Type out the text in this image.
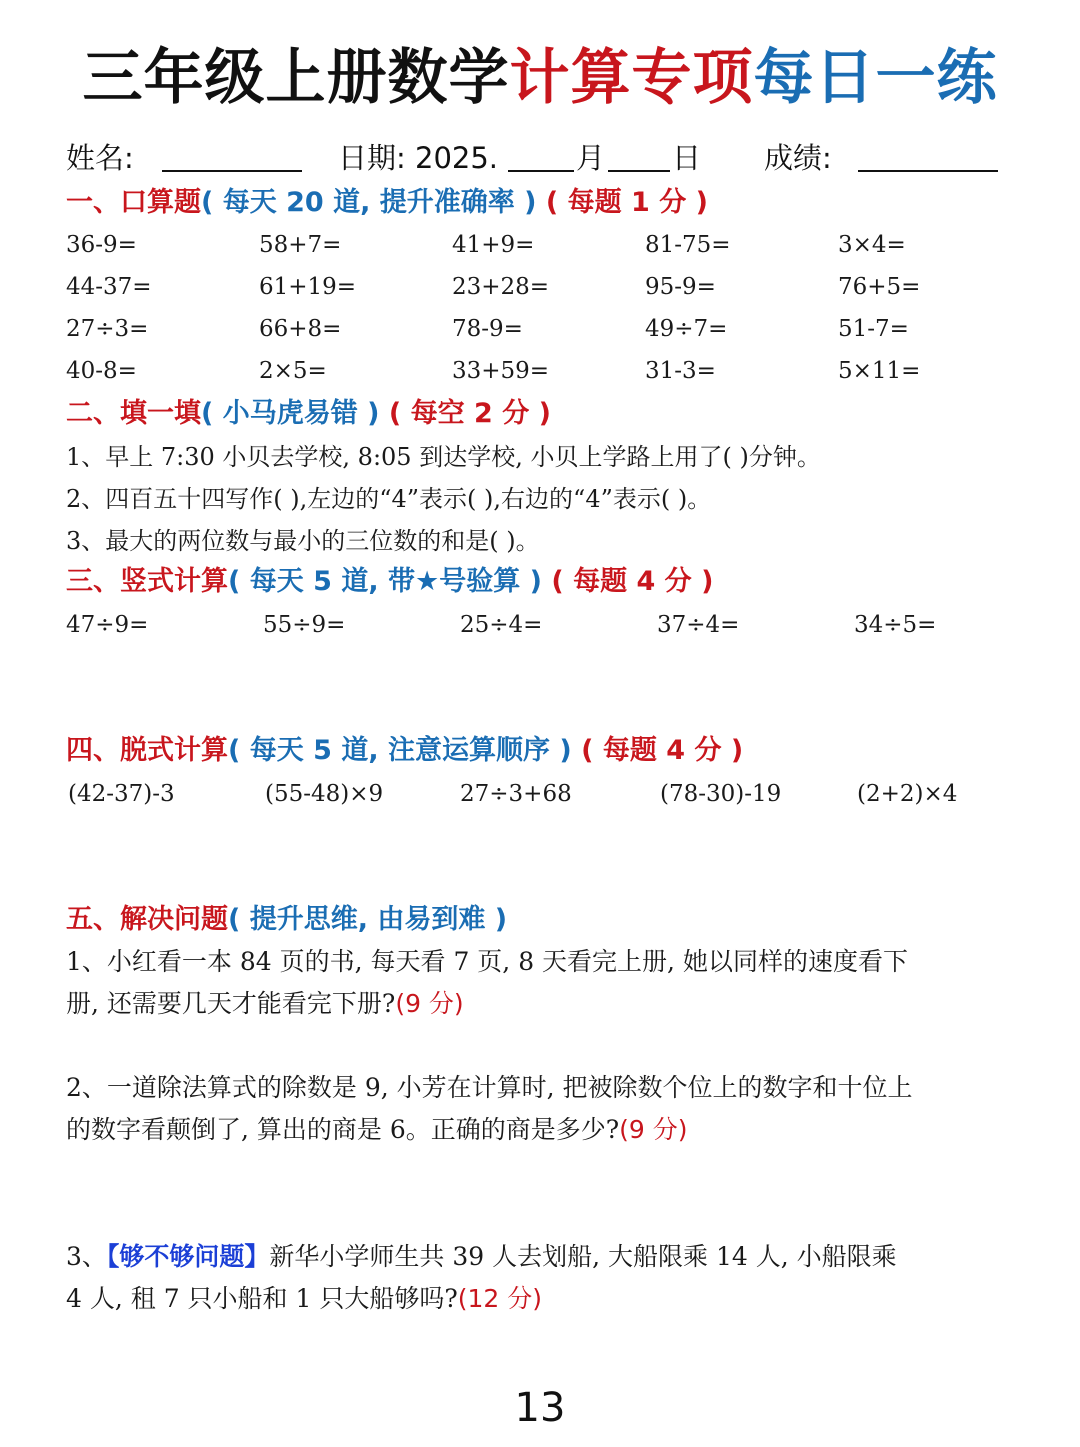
三年级上册数学计算专项每日一练
姓名:	日期: 2025.	月 日 成绩:
一、口算题( 每天 20 道, 提升准确率 ) ( 每题 1 分 )
36-9=	58+7=	41+9=	81-75=	3×4=
44-37=	61+19=	23+28=	95-9=	76+5=
27÷3=	66+8=	78-9=	49÷7=	51-7=
40-8=	2×5=	33+59=	31-3=	5×11=
二、填一填( 小马虎易错 ) ( 每空 2 分 )
1、早上 7:30 小贝去学校, 8:05 到达学校, 小贝上学路上用了( )分钟。
2、四百五十四写作( ),左边的“4”表示( ),右边的“4”表示( )。
3、最大的两位数与最小的三位数的和是( )。
三、竖式计算( 每天 5 道, 带★号验算 ) ( 每题 4 分 )
47÷9=	55÷9=	25÷4=	37÷4=	34÷5=
四、脱式计算( 每天 5 道, 注意运算顺序 ) ( 每题 4 分 )
(42-37)-3	(55-48)×9	27÷3+68	(78-30)-19	(2+2)×4
五、解决问题( 提升思维, 由易到难 )
1、小红看一本 84 页的书, 每天看 7 页, 8 天看完上册, 她以同样的速度看下
册, 还需要几天才能看完下册?(9 分)
2、一道除法算式的除数是 9, 小芳在计算时, 把被除数个位上的数字和十位上
的数字看颠倒了, 算出的商是 6。正确的商是多少?(9 分)
3、【够不够问题】新华小学师生共 39 人去划船, 大船限乘 14 人, 小船限乘
4 人, 租 7 只小船和 1 只大船够吗?(12 分)
13
